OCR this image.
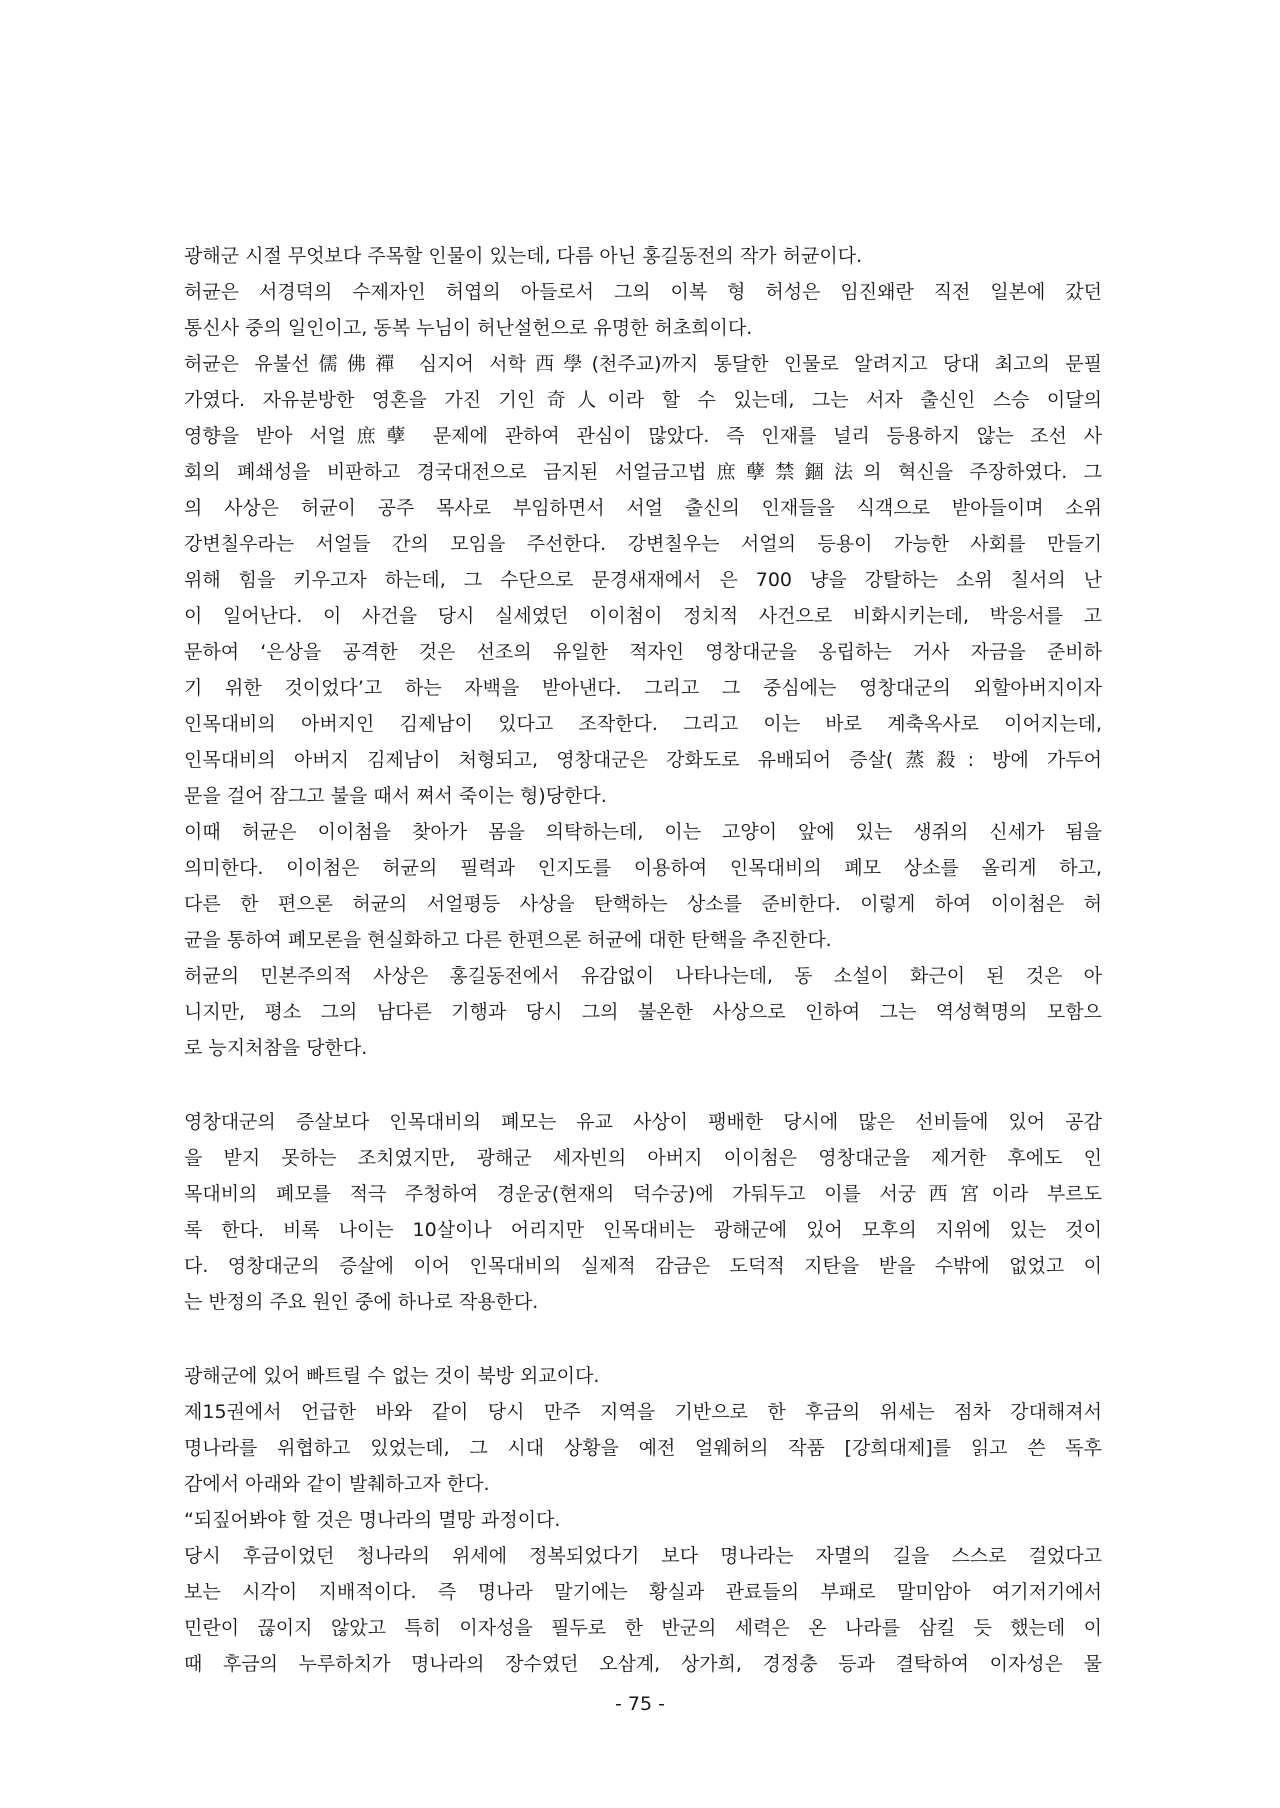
광해군 시절 무엇보다 주목할 인물이 있는데, 다름 아닌 홍길동전의 작가 허균이다.
허균은 서경덕의 수제자인 허엽의 아들로서 그의 이복 형 허성은 임진왜란 직전 일본에 갔던
통신사 중의 일인이고, 동복 누님이 허난설헌으로 유명한 허초희이다.
허균은 유불선儒佛禪 심지어 서학西學(천주교)까지 통달한 인물로 알려지고 당대 최고의 문필
가였다. 자유분방한 영혼을 가진 기인奇人이라 할 수 있는데, 그는 서자 출신인 스승 이달의
영향을 받아 서얼庶孽 문제에 관하여 관심이 많았다. 즉 인재를 널리 등용하지 않는 조선 사
회의 폐쇄성을 비판하고 경국대전으로 금지된 서얼금고법庶孽禁錮法의 혁신을 주장하였다. 그
의 사상은 허균이 공주 목사로 부임하면서 서얼 출신의 인재들을 식객으로 받아들이며 소위
강변칠우라는 서얼들 간의 모임을 주선한다. 강변칠우는 서얼의 등용이 가능한 사회를 만들기
위해 힘을 키우고자 하는데, 그 수단으로 문경새재에서 은 700 냥을 강탈하는 소위 칠서의 난
이 일어난다. 이 사건을 당시 실세였던 이이첨이 정치적 사건으로 비화시키는데, 박응서를 고
문하여 ‘은상을 공격한 것은 선조의 유일한 적자인 영창대군을 옹립하는 거사 자금을 준비하
기 위한 것이었다’고 하는 자백을 받아낸다. 그리고 그 중심에는 영창대군의 외할아버지이자
인목대비의 아버지인 김제남이 있다고 조작한다. 그리고 이는 바로 계축옥사로 이어지는데,
인목대비의 아버지 김제남이 처형되고, 영창대군은 강화도로 유배되어 증살(蒸殺: 방에 가두어
문을 걸어 잠그고 불을 때서 쪄서 죽이는 형)당한다.
이때 허균은 이이첨을 찾아가 몸을 의탁하는데, 이는 고양이 앞에 있는 생쥐의 신세가 됨을
의미한다. 이이첨은 허균의 필력과 인지도를 이용하여 인목대비의 폐모 상소를 올리게 하고,
다른 한 편으론 허균의 서얼평등 사상을 탄핵하는 상소를 준비한다. 이렇게 하여 이이첨은 허
균을 통하여 폐모론을 현실화하고 다른 한편으론 허균에 대한 탄핵을 추진한다.
허균의 민본주의적 사상은 홍길동전에서 유감없이 나타나는데, 동 소설이 화근이 된 것은 아
니지만, 평소 그의 남다른 기행과 당시 그의 불온한 사상으로 인하여 그는 역성혁명의 모함으
로 능지처참을 당한다.
영창대군의 증살보다 인목대비의 폐모는 유교 사상이 팽배한 당시에 많은 선비들에 있어 공감
을 받지 못하는 조치였지만, 광해군 세자빈의 아버지 이이첨은 영창대군을 제거한 후에도 인
목대비의 폐모를 적극 주청하여 경운궁(현재의 덕수궁)에 가둬두고 이를 서궁西宮이라 부르도
록 한다. 비록 나이는 10살이나 어리지만 인목대비는 광해군에 있어 모후의 지위에 있는 것이
다. 영창대군의 증살에 이어 인목대비의 실제적 감금은 도덕적 지탄을 받을 수밖에 없었고 이
는 반정의 주요 원인 중에 하나로 작용한다.
광해군에 있어 빠트릴 수 없는 것이 북방 외교이다.
제15권에서 언급한 바와 같이 당시 만주 지역을 기반으로 한 후금의 위세는 점차 강대해져서
명나라를 위협하고 있었는데, 그 시대 상황을 예전 얼웨허의 작품 [강희대제]를 읽고 쓴 독후
감에서 아래와 같이 발췌하고자 한다.
“되짚어봐야 할 것은 명나라의 멸망 과정이다.
당시 후금이었던 청나라의 위세에 정복되었다기 보다 명나라는 자멸의 길을 스스로 걸었다고
보는 시각이 지배적이다. 즉 명나라 말기에는 황실과 관료들의 부패로 말미암아 여기저기에서
민란이 끊이지 않았고 특히 이자성을 필두로 한 반군의 세력은 온 나라를 삼킬 듯 했는데 이
때 후금의 누루하치가 명나라의 장수였던 오삼계, 상가희, 경정충 등과 결탁하여 이자성은 물
- 75 -
